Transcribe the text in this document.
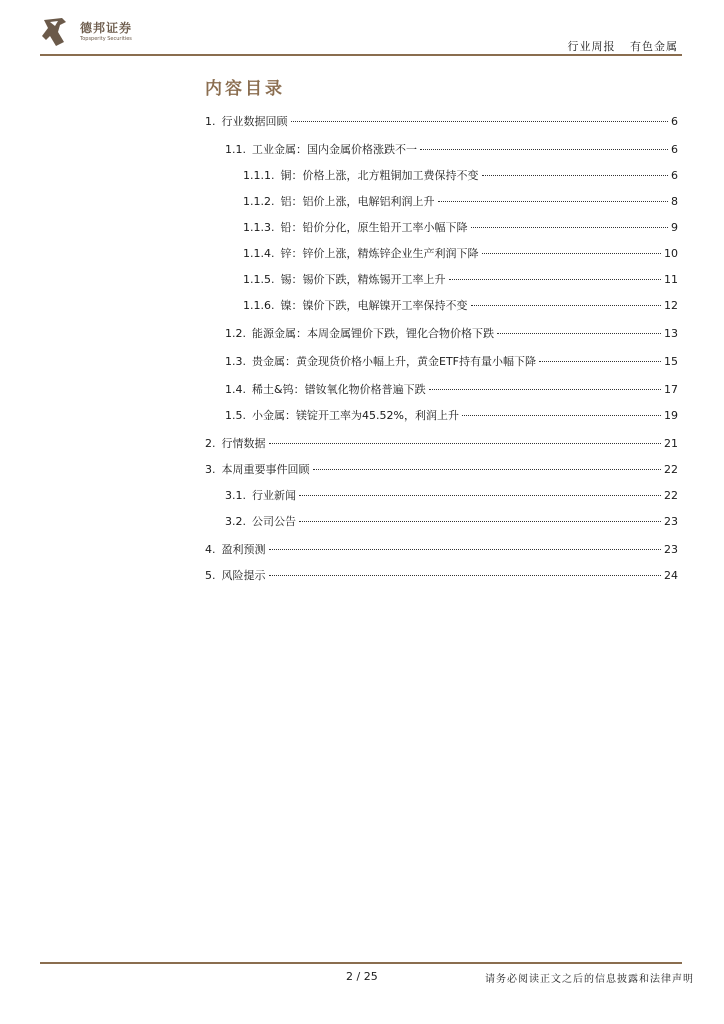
德邦证券
Topsperity Securities
行业周报 有色金属
内容目录
1. 行业数据回顾	6
1.1. 工业金属：国内金属价格涨跌不一	6
1.1.1. 铜：价格上涨，北方粗铜加工费保持不变	6
1.1.2. 铝：铝价上涨，电解铝利润上升	8
1.1.3. 铅：铅价分化，原生铅开工率小幅下降	9
1.1.4. 锌：锌价上涨，精炼锌企业生产利润下降	10
1.1.5. 锡：锡价下跌，精炼锡开工率上升	11
1.1.6. 镍：镍价下跌，电解镍开工率保持不变	12
1.2. 能源金属：本周金属锂价下跌，锂化合物价格下跌	13
1.3. 贵金属：黄金现货价格小幅上升，黄金ETF持有量小幅下降	15
1.4. 稀土&钨：镨钕氧化物价格普遍下跌	17
1.5. 小金属：镁锭开工率为45.52%，利润上升	19
2. 行情数据	21
3. 本周重要事件回顾	22
3.1. 行业新闻	22
3.2. 公司公告	23
4. 盈利预测	23
5. 风险提示	24
2 / 25	请务必阅读正文之后的信息披露和法律声明
